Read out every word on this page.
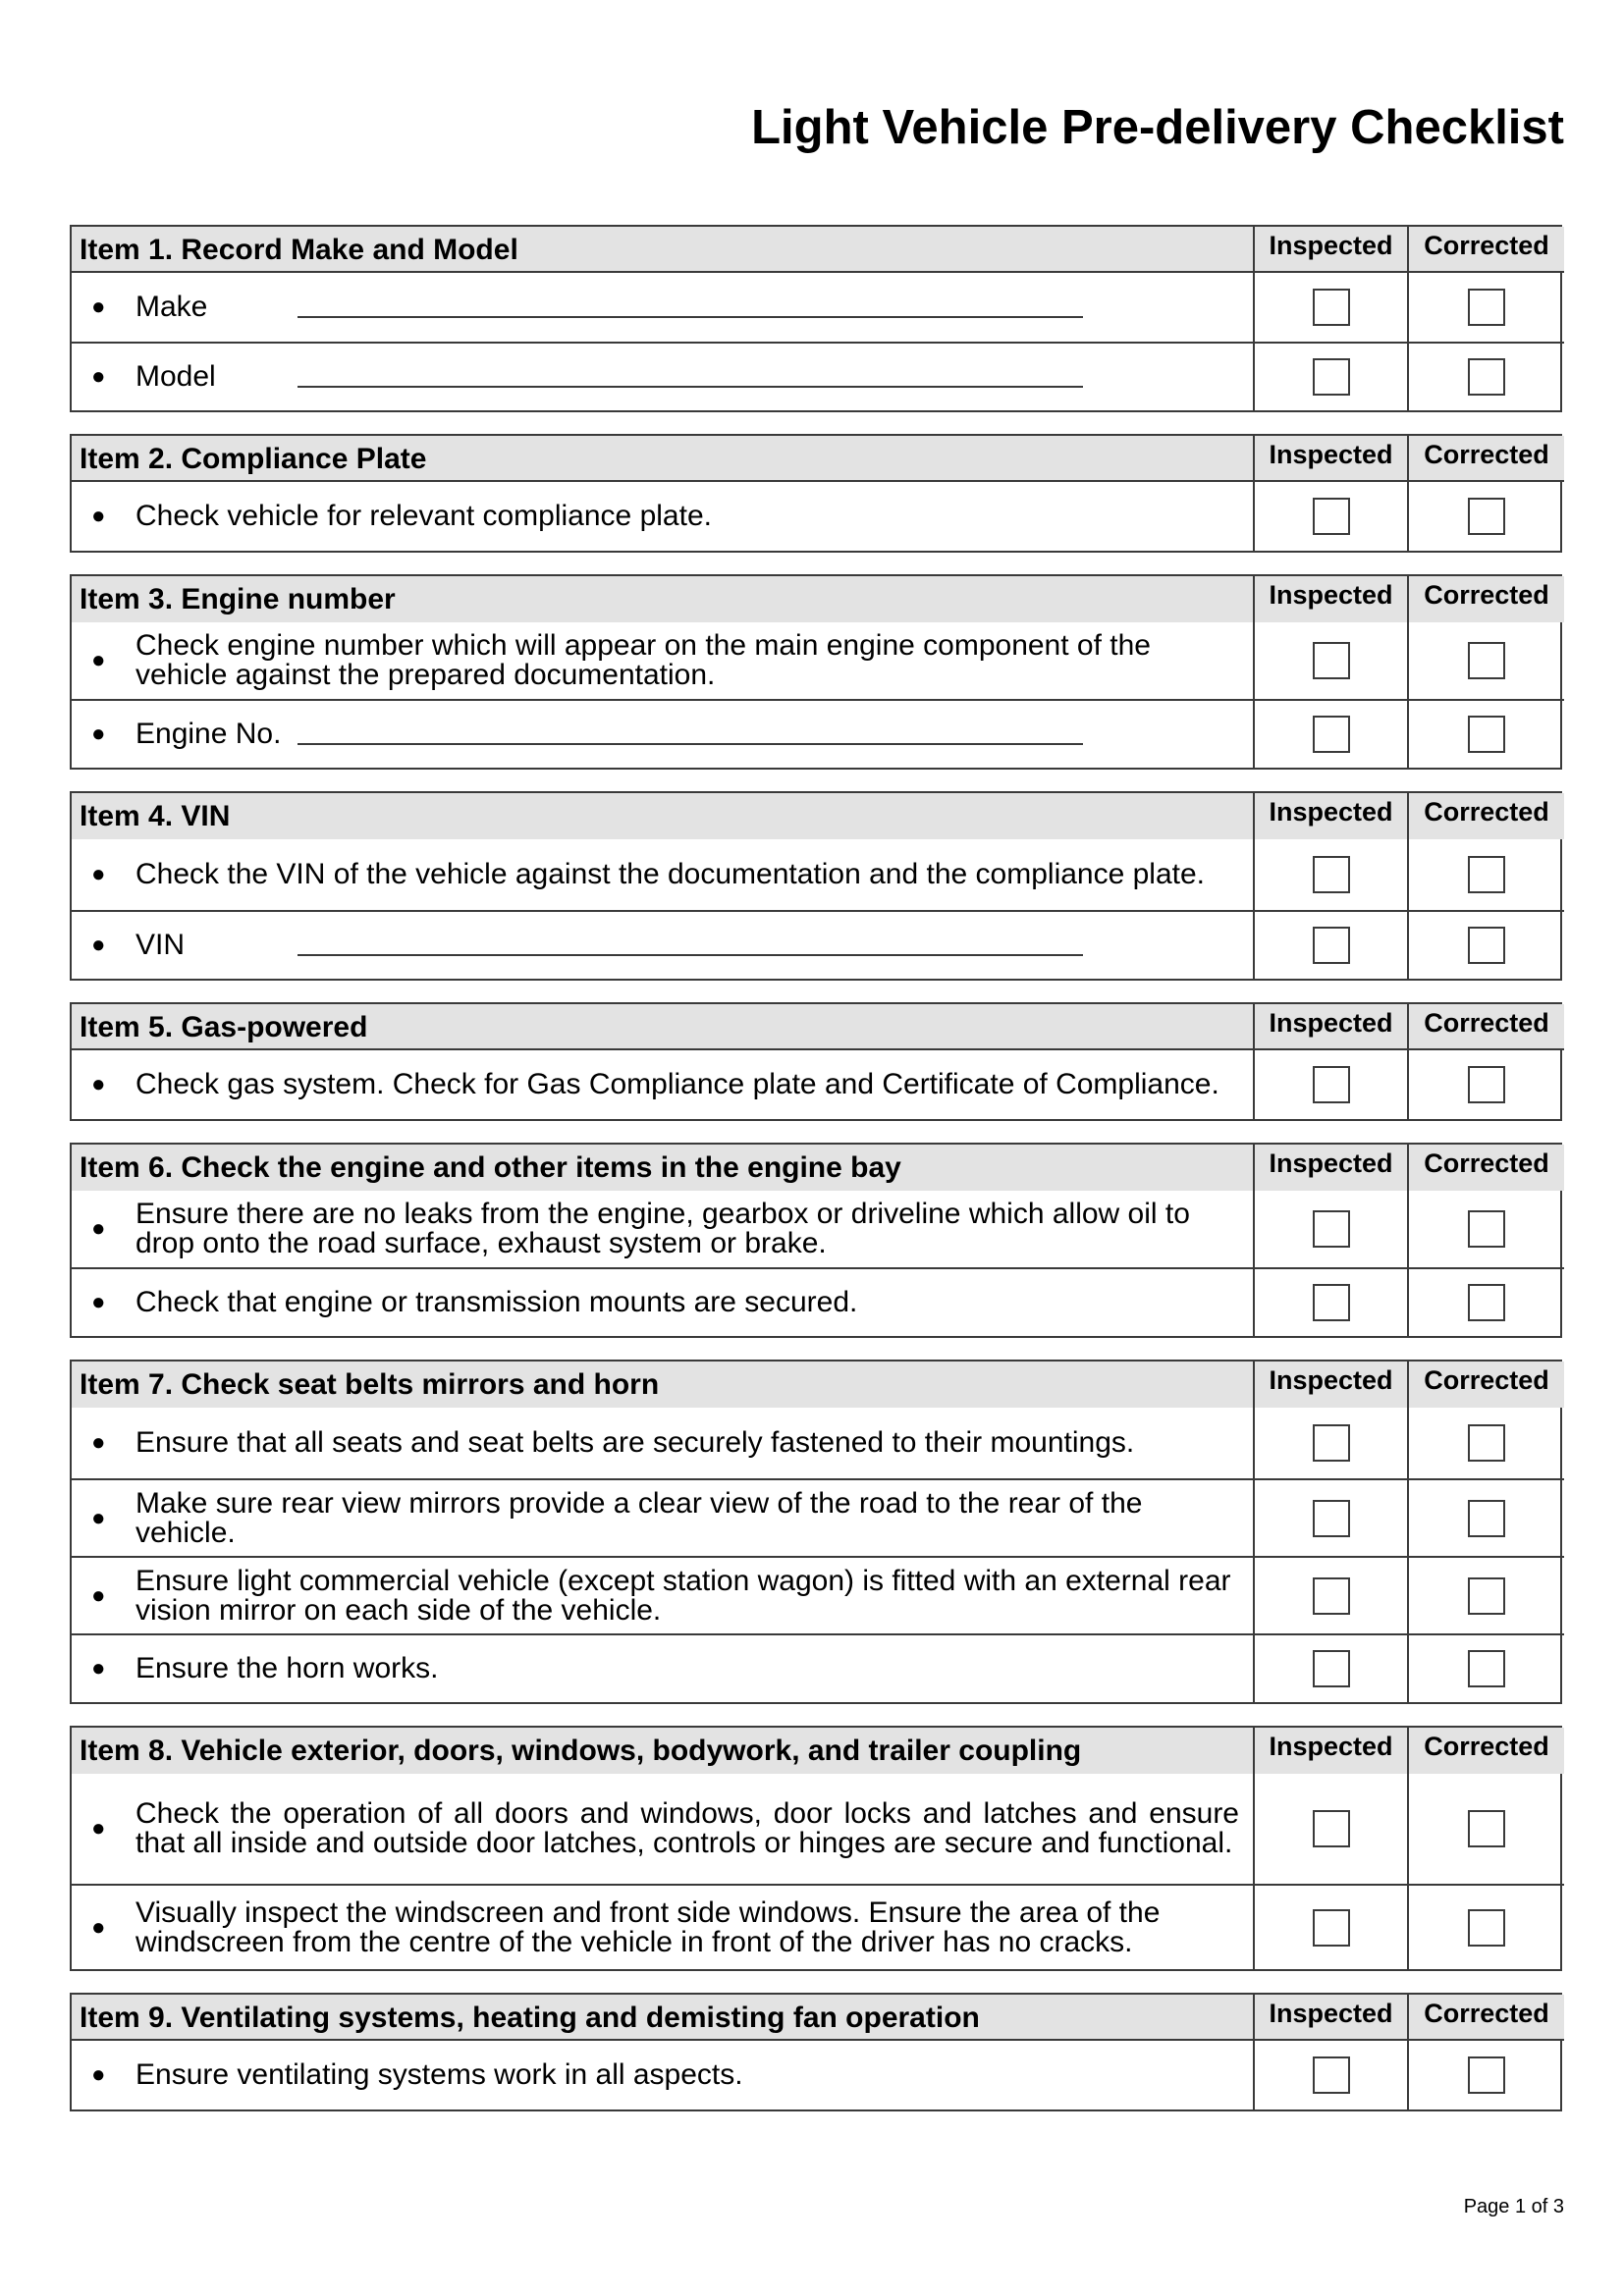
Light Vehicle Pre-delivery Checklist
Item 1. Record Make and Model	Inspected	Corrected
●	Make
●	Model
Item 2. Compliance Plate	Inspected	Corrected
●	Check vehicle for relevant compliance plate.
Item 3. Engine number	Inspected	Corrected
●	Check engine number which will appear on the main engine component of the vehicle against the prepared documentation.
●	Engine No.
Item 4. VIN	Inspected	Corrected
●	Check the VIN of the vehicle against the documentation and the compliance plate.
●	VIN
Item 5. Gas-powered	Inspected	Corrected
●	Check gas system. Check for Gas Compliance plate and Certificate of Compliance.
Item 6. Check the engine and other items in the engine bay	Inspected	Corrected
●	Ensure there are no leaks from the engine, gearbox or driveline which allow oil to drop onto the road surface, exhaust system or brake.
●	Check that engine or transmission mounts are secured.
Item 7. Check seat belts mirrors and horn	Inspected	Corrected
●	Ensure that all seats and seat belts are securely fastened to their mountings.
●	Make sure rear view mirrors provide a clear view of the road to the rear of the vehicle.
●	Ensure light commercial vehicle (except station wagon) is fitted with an external rear vision mirror on each side of the vehicle.
●	Ensure the horn works.
Item 8. Vehicle exterior, doors, windows, bodywork, and trailer coupling	Inspected	Corrected
●	Check the operation of all doors and windows, door locks and latches and ensure that all inside and outside door latches, controls or hinges are secure and functional.
●	Visually inspect the windscreen and front side windows. Ensure the area of the windscreen from the centre of the vehicle in front of the driver has no cracks.
Item 9. Ventilating systems, heating and demisting fan operation	Inspected	Corrected
●	Ensure ventilating systems work in all aspects.
Page 1 of 3
